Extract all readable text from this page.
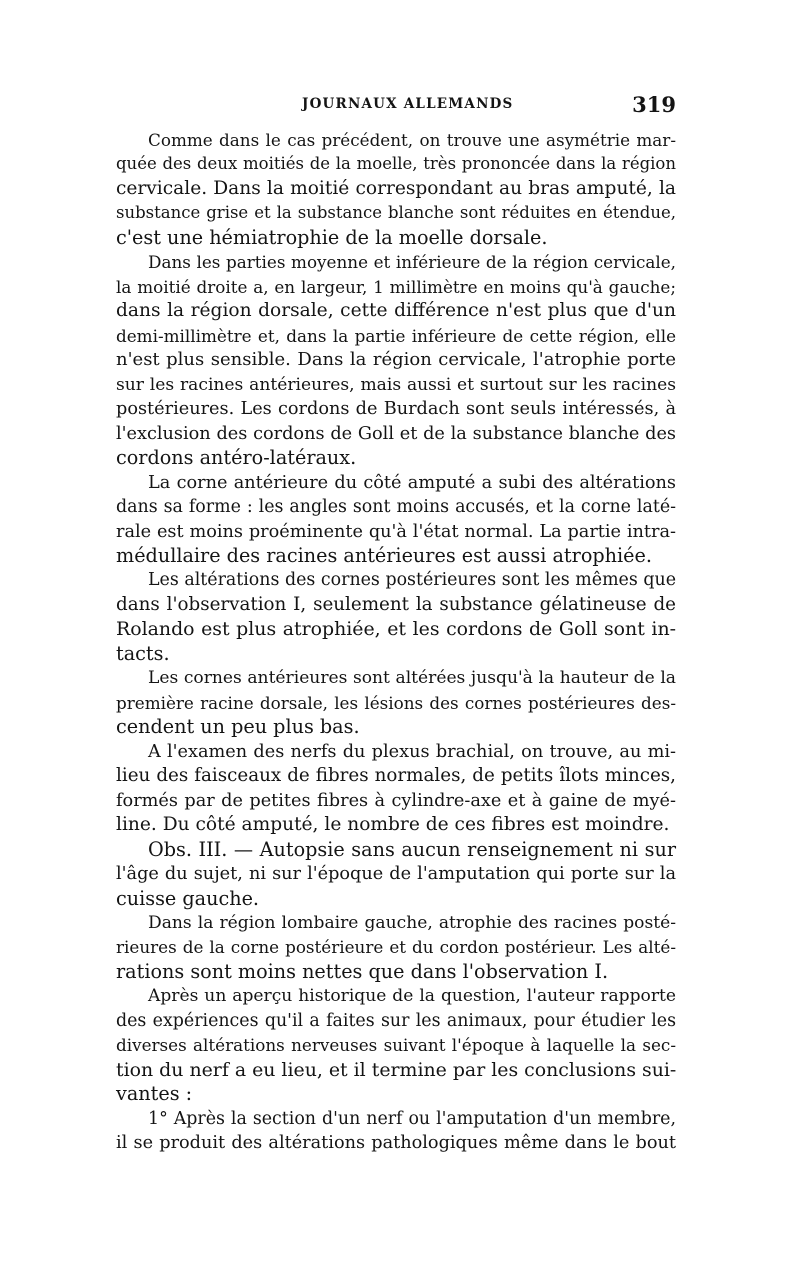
JOURNAUX ALLEMANDS	319
Comme dans le cas précédent, on trouve une asymétrie mar-
quée des deux moitiés de la moelle, très prononcée dans la région
cervicale. Dans la moitié correspondant au bras amputé, la
substance grise et la substance blanche sont réduites en étendue,
c'est une hémiatrophie de la moelle dorsale.
Dans les parties moyenne et inférieure de la région cervicale,
la moitié droite a, en largeur, 1 millimètre en moins qu'à gauche;
dans la région dorsale, cette différence n'est plus que d'un
demi-millimètre et, dans la partie inférieure de cette région, elle
n'est plus sensible. Dans la région cervicale, l'atrophie porte
sur les racines antérieures, mais aussi et surtout sur les racines
postérieures. Les cordons de Burdach sont seuls intéressés, à
l'exclusion des cordons de Goll et de la substance blanche des
cordons antéro-latéraux.
La corne antérieure du côté amputé a subi des altérations
dans sa forme : les angles sont moins accusés, et la corne laté-
rale est moins proéminente qu'à l'état normal. La partie intra-
médullaire des racines antérieures est aussi atrophiée.
Les altérations des cornes postérieures sont les mêmes que
dans l'observation I, seulement la substance gélatineuse de
Rolando est plus atrophiée, et les cordons de Goll sont in-
tacts.
Les cornes antérieures sont altérées jusqu'à la hauteur de la
première racine dorsale, les lésions des cornes postérieures des-
cendent un peu plus bas.
A l'examen des nerfs du plexus brachial, on trouve, au mi-
lieu des faisceaux de fibres normales, de petits îlots minces,
formés par de petites fibres à cylindre-axe et à gaine de myé-
line. Du côté amputé, le nombre de ces fibres est moindre.
Obs. III. — Autopsie sans aucun renseignement ni sur
l'âge du sujet, ni sur l'époque de l'amputation qui porte sur la
cuisse gauche.
Dans la région lombaire gauche, atrophie des racines posté-
rieures de la corne postérieure et du cordon postérieur. Les alté-
rations sont moins nettes que dans l'observation I.
Après un aperçu historique de la question, l'auteur rapporte
des expériences qu'il a faites sur les animaux, pour étudier les
diverses altérations nerveuses suivant l'époque à laquelle la sec-
tion du nerf a eu lieu, et il termine par les conclusions sui-
vantes :
1° Après la section d'un nerf ou l'amputation d'un membre,
il se produit des altérations pathologiques même dans le bout
